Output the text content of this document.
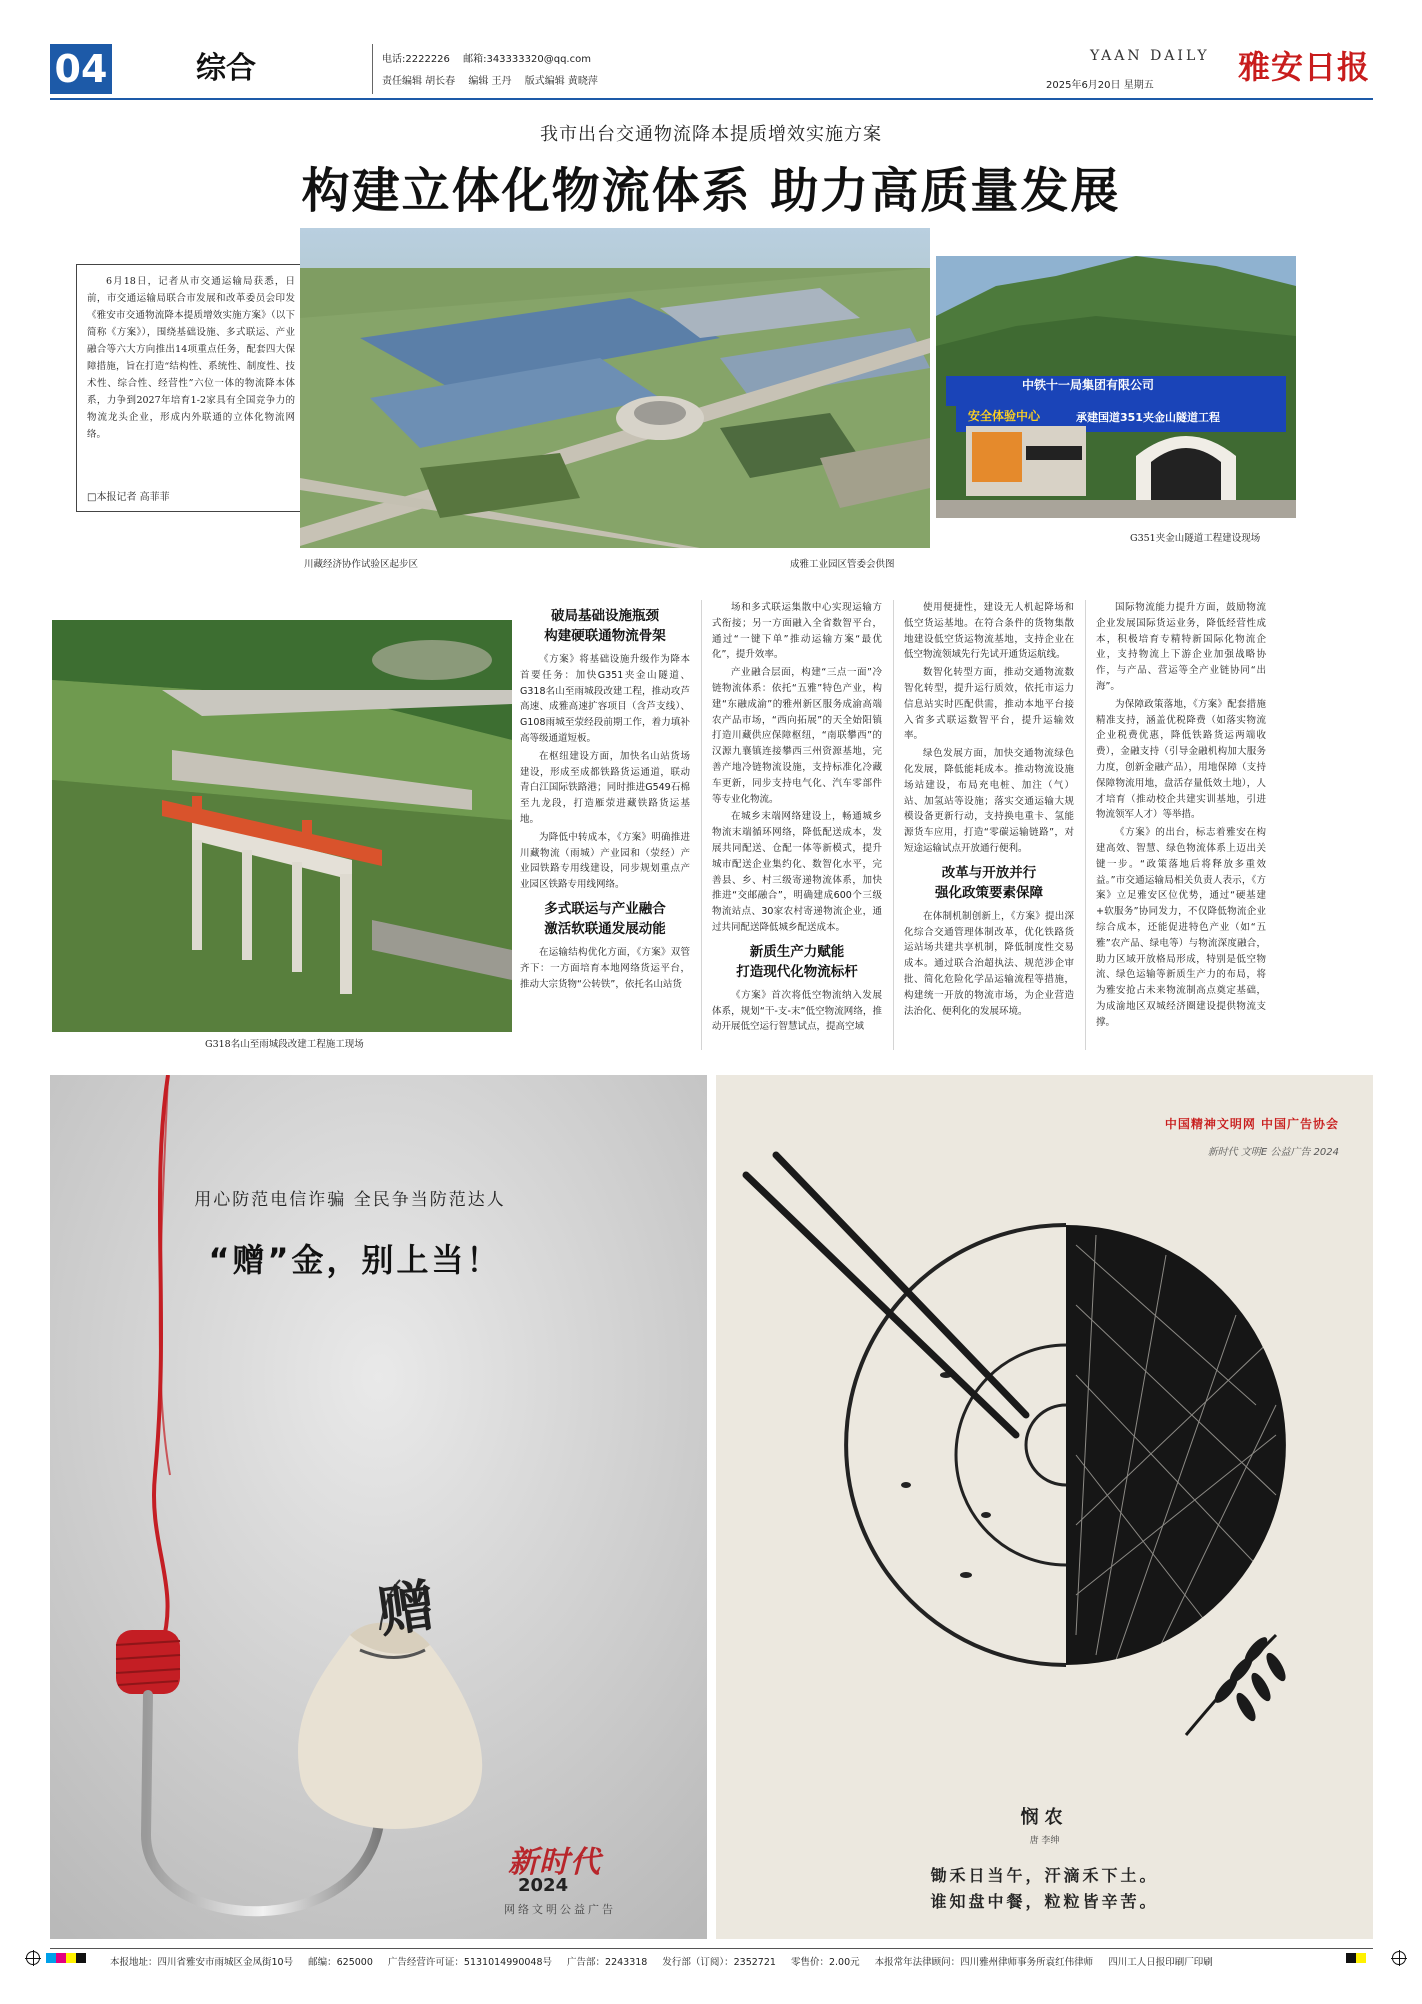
04	综合	电话:2222226 邮箱:343333320@qq.com
责任编辑 胡长春 编辑 王丹 版式编辑 黄晓萍
YAAN DAILY
2025年6月20日 星期五	雅安日报
我市出台交通物流降本提质增效实施方案
构建立体化物流体系 助力高质量发展
6月18日，记者从市交通运输局获悉，日前，市交通运输局联合市发展和改革委员会印发《雅安市交通物流降本提质增效实施方案》（以下简称《方案》），围绕基础设施、多式联运、产业融合等六大方向推出14项重点任务，配套四大保障措施，旨在打造“结构性、系统性、制度性、技术性、综合性、经营性”六位一体的物流降本体系，力争到2027年培育1-2家具有全国竞争力的物流龙头企业，形成内外联通的立体化物流网络。
□本报记者 高菲菲
川藏经济协作试验区起步区	成雅工业园区管委会供图
中铁十一局集团有限公司
承建国道351夹金山隧道工程
安全体验中心
G351夹金山隧道工程建设现场
G318名山至雨城段改建工程施工现场
破局基础设施瓶颈
构建硬联通物流骨架

《方案》将基础设施升级作为降本首要任务：加快G351夹金山隧道、G318名山至雨城段改建工程，推动攻芦高速、成雅高速扩容项目（含芦支线）、G108雨城至荥经段前期工作，着力填补高等级通道短板。

在枢纽建设方面，加快名山站货场建设，形成至成都铁路货运通道，联动青白江国际铁路港；同时推进G549石棉至九龙段，打造雁荥进藏铁路货运基地。

为降低中转成本，《方案》明确推进川藏物流（雨城）产业园和（荥经）产业园铁路专用线建设，同步规划重点产业园区铁路专用线网络。

多式联运与产业融合
激活软联通发展动能

在运输结构优化方面，《方案》双管齐下：一方面培育本地网络货运平台，推动大宗货物“公转铁”，依托名山站货

场和多式联运集散中心实现运输方式衔接；另一方面融入全省数智平台，通过“一键下单”推动运输方案“最优化”，提升效率。

产业融合层面，构建“三点一面”冷链物流体系：依托“五雅”特色产业，构建“东融成渝”的雅州新区服务成渝高端农产品市场，“西向拓展”的天全始阳镇打造川藏供应保障枢纽，“南联攀西”的汉源九襄镇连接攀西三州资源基地，完善产地冷链物流设施，支持标准化冷藏车更新，同步支持电气化、汽车零部件等专业化物流。

在城乡末端网络建设上，畅通城乡物流末端循环网络，降低配送成本，发展共同配送、仓配一体等新模式，提升城市配送企业集约化、数智化水平，完善县、乡、村三级寄递物流体系，加快推进“交邮融合”，明确建成600个三级物流站点、30家农村寄递物流企业，通过共同配送降低城乡配送成本。

新质生产力赋能
打造现代化物流标杆

《方案》首次将低空物流纳入发展体系，规划“干-支-末”低空物流网络，推动开展低空运行智慧试点，提高空域

使用便捷性，建设无人机起降场和低空货运基地。在符合条件的货物集散地建设低空货运物流基地，支持企业在低空物流领域先行先试开通货运航线。

数智化转型方面，推动交通物流数智化转型，提升运行质效，依托市运力信息站实时匹配供需，推动本地平台接入省多式联运数智平台，提升运输效率。

绿色发展方面，加快交通物流绿色化发展，降低能耗成本。推动物流设施场站建设，布局充电桩、加注（气）站、加氢站等设施；落实交通运输大规模设备更新行动，支持换电重卡、氢能源货车应用，打造“零碳运输链路”，对短途运输试点开放通行便利。

改革与开放并行
强化政策要素保障

在体制机制创新上，《方案》提出深化综合交通管理体制改革，优化铁路货运站场共建共享机制，降低制度性交易成本。通过联合治超执法、规范涉企审批、简化危险化学品运输流程等措施，构建统一开放的物流市场，为企业营造法治化、便利化的发展环境。

国际物流能力提升方面，鼓励物流企业发展国际货运业务，降低经营性成本，积极培育专精特新国际化物流企业，支持物流上下游企业加强战略协作，与产品、营运等全产业链协同“出海”。

为保障政策落地，《方案》配套措施精准支持，涵盖优税降费（如落实物流企业税费优惠，降低铁路货运两端收费），金融支持（引导金融机构加大服务力度，创新金融产品），用地保障（支持保障物流用地，盘活存量低效土地），人才培育（推动校企共建实训基地，引进物流领军人才）等举措。

《方案》的出台，标志着雅安在构建高效、智慧、绿色物流体系上迈出关键一步。“政策落地后将释放多重效益。”市交通运输局相关负责人表示，《方案》立足雅安区位优势，通过“硬基建+软服务”协同发力，不仅降低物流企业综合成本，还能促进特色产业（如“五雅”农产品、绿电等）与物流深度融合，助力区域开放格局形成，特别是低空物流、绿色运输等新质生产力的布局，将为雅安抢占未来物流制高点奠定基础，为成渝地区双城经济圈建设提供物流支撑。

用心防范电信诈骗 全民争当防范达人
“赠”金，别上当！
赠
新时代
2024
网络文明公益广告
中国精神文明网 中国广告协会
新时代 文明E 公益广告 2024
悯农
唐 李绅
锄禾日当午，汗滴禾下土。
谁知盘中餐，粒粒皆辛苦。
本报地址：四川省雅安市雨城区金凤街10号 邮编：625000 广告经营许可证：5131014990048号 广告部：2243318 发行部（订阅）：2352721 零售价：2.00元 本报常年法律顾问：四川雅州律师事务所袁红伟律师 四川工人日报印刷厂印刷
